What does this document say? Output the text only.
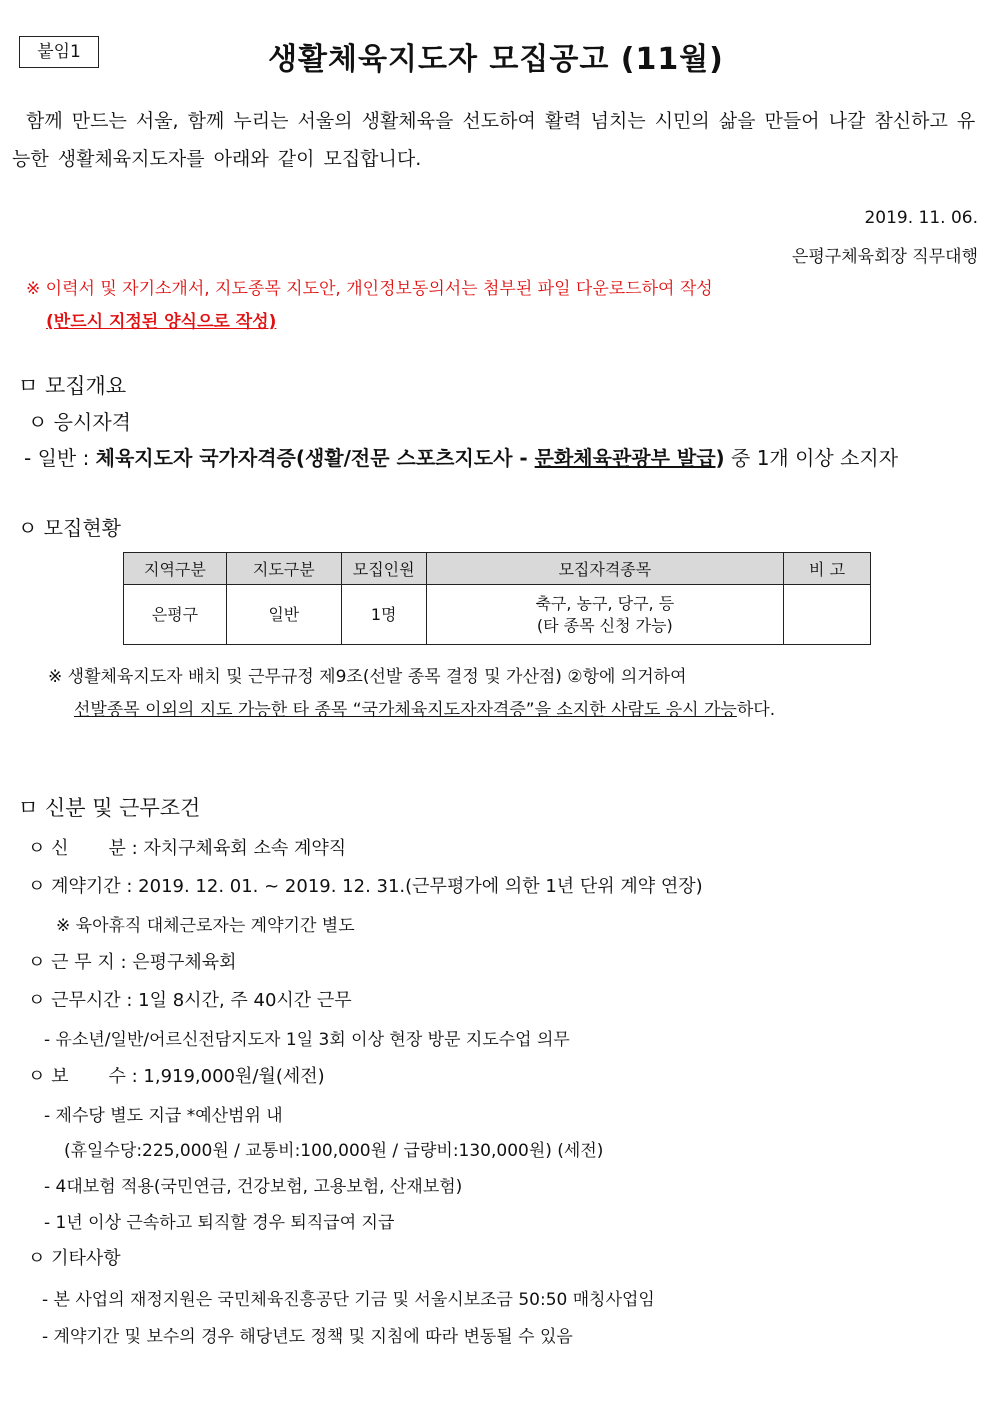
붙임1	생활체육지도자 모집공고 (11월)
함께 만드는 서울, 함께 누리는 서울의 생활체육을 선도하여 활력 넘치는 시민의 삶을 만들어 나갈 참신하고 유능한 생활체육지도자를 아래와 같이 모집합니다.
2019. 11. 06.
은평구체육회장 직무대행
※ 이력서 및 자기소개서, 지도종목 지도안, 개인정보동의서는 첨부된 파일 다운로드하여 작성
(반드시 지정된 양식으로 작성)
ㅁ 모집개요
ㅇ 응시자격
- 일반 : 체육지도자 국가자격증(생활/전문 스포츠지도사 - 문화체육관광부 발급) 중 1개 이상 소지자
ㅇ 모집현황
지역구분	지도구분	모집인원	모집자격종목	비 고
은평구	일반	1명	축구, 농구, 당구, 등
(타 종목 신청 가능)	

※ 생활체육지도자 배치 및 근무규정 제9조(선발 종목 결정 및 가산점) ②항에 의거하여
선발종목 이외의 지도 가능한 타 종목 “국가체육지도자자격증”을 소지한 사람도 응시 가능하다.
ㅁ 신분 및 근무조건
ㅇ 신 분 : 자치구체육회 소속 계약직
ㅇ 계약기간 : 2019. 12. 01. ~ 2019. 12. 31.(근무평가에 의한 1년 단위 계약 연장)
※ 육아휴직 대체근로자는 계약기간 별도
ㅇ 근 무 지 : 은평구체육회
ㅇ 근무시간 : 1일 8시간, 주 40시간 근무
- 유소년/일반/어르신전담지도자 1일 3회 이상 현장 방문 지도수업 의무
ㅇ 보 수 : 1,919,000원/월(세전)
- 제수당 별도 지급 *예산범위 내
(휴일수당:225,000원 / 교통비:100,000원 / 급량비:130,000원) (세전)
- 4대보험 적용(국민연금, 건강보험, 고용보험, 산재보험)
- 1년 이상 근속하고 퇴직할 경우 퇴직급여 지급
ㅇ 기타사항
- 본 사업의 재정지원은 국민체육진흥공단 기금 및 서울시보조금 50:50 매칭사업임
- 계약기간 및 보수의 경우 해당년도 정책 및 지침에 따라 변동될 수 있음
